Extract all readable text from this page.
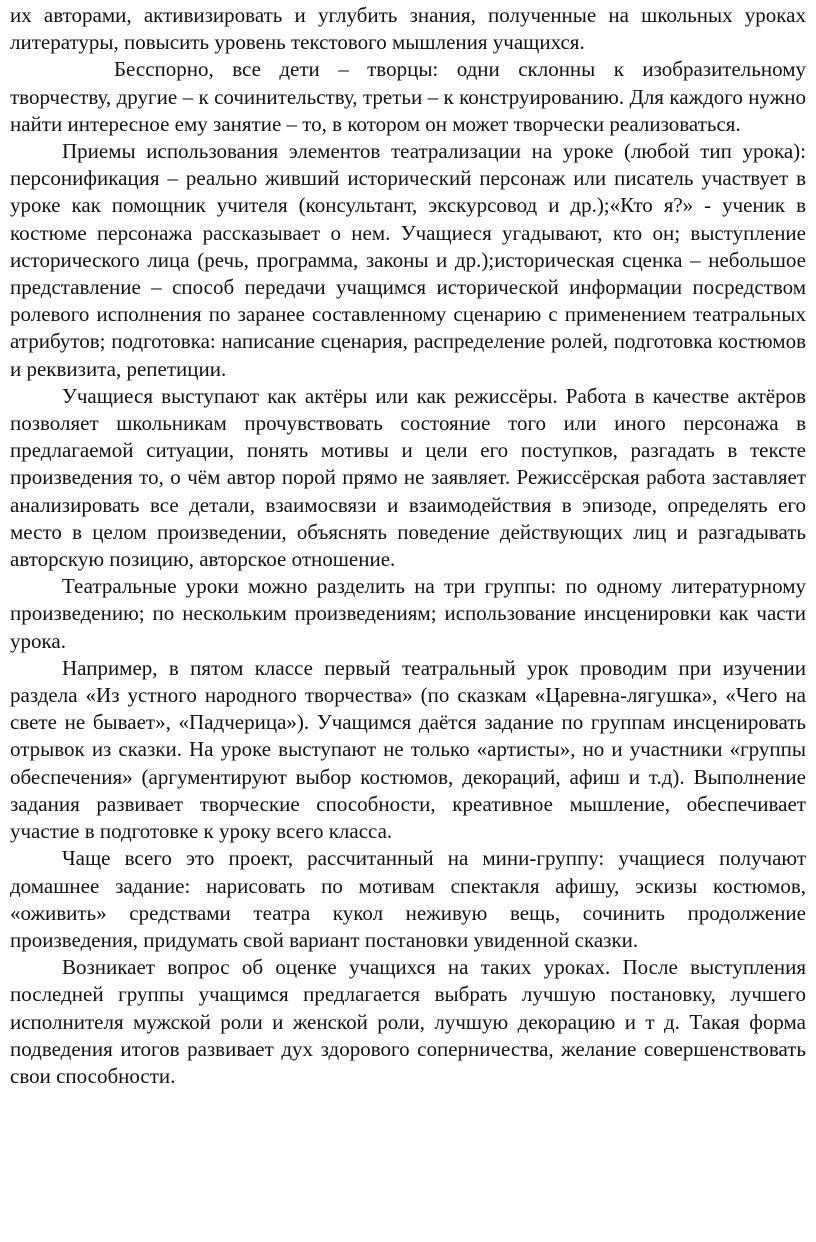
их авторами, активизировать и углубить знания, полученные на школьных уроках литературы, повысить уровень текстового мышления учащихся.

Бесспорно, все дети – творцы: одни склонны к изобразительному творчеству, другие – к сочинительству, третьи – к конструированию. Для каждого нужно найти интересное ему занятие – то, в котором он может творчески реализоваться.

Приемы использования элементов театрализации на уроке (любой тип урока): персонификация – реально живший исторический персонаж или писатель участвует в уроке как помощник учителя (консультант, экскурсовод и др.);«Кто я?» - ученик в костюме персонажа рассказывает о нем. Учащиеся угадывают, кто он; выступление исторического лица (речь, программа, законы и др.);историческая сценка – небольшое представление – способ передачи учащимся исторической информации посредством ролевого исполнения по заранее составленному сценарию с применением театральных атрибутов; подготовка: написание сценария, распределение ролей, подготовка костюмов и реквизита, репетиции.

Учащиеся выступают как актёры или как режиссёры. Работа в качестве актёров позволяет школьникам прочувствовать состояние того или иного персонажа в предлагаемой ситуации, понять мотивы и цели его поступков, разгадать в тексте произведения то, о чём автор порой прямо не заявляет. Режиссёрская работа заставляет анализировать все детали, взаимосвязи и взаимодействия в эпизоде, определять его место в целом произведении, объяснять поведение действующих лиц и разгадывать авторскую позицию, авторское отношение.

Театральные уроки можно разделить на три группы: по одному литературному произведению; по нескольким произведениям; использование инсценировки как части урока.

Например, в пятом классе первый театральный урок проводим при изучении раздела «Из устного народного творчества» (по сказкам «Царевна-лягушка», «Чего на свете не бывает», «Падчерица»). Учащимся даётся задание по группам инсценировать отрывок из сказки. На уроке выступают не только «артисты», но и участники «группы обеспечения» (аргументируют выбор костюмов, декораций, афиш и т.д). Выполнение задания развивает творческие способности, креативное мышление, обеспечивает участие в подготовке к уроку всего класса.

Чаще всего это проект, рассчитанный на мини-группу: учащиеся получают домашнее задание: нарисовать по мотивам спектакля афишу, эскизы костюмов, «оживить» средствами театра кукол неживую вещь, сочинить продолжение произведения, придумать свой вариант постановки увиденной сказки.

Возникает вопрос об оценке учащихся на таких уроках. После выступления последней группы учащимся предлагается выбрать лучшую постановку, лучшего исполнителя мужской роли и женской роли, лучшую декорацию и т д. Такая форма подведения итогов развивает дух здорового соперничества, желание совершенствовать свои способности.
